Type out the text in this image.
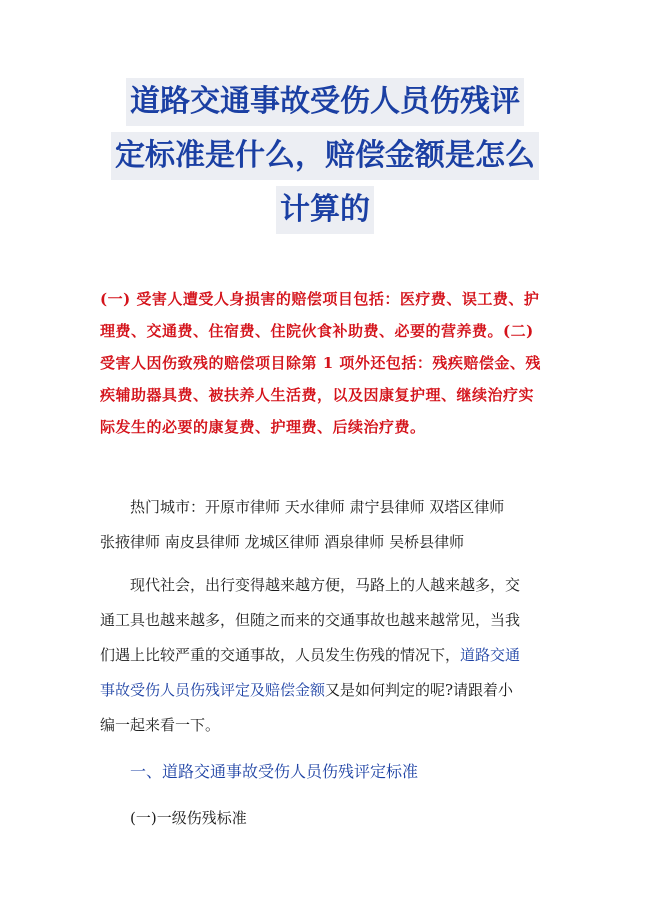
道路交通事故受伤人员伤残评
定标准是什么，赔偿金额是怎么
计算的
(一) 受害人遭受人身损害的赔偿项目包括：医疗费、误工费、护
理费、交通费、住宿费、住院伙食补助费、必要的营养费。(二)
受害人因伤致残的赔偿项目除第 1 项外还包括：残疾赔偿金、残
疾辅助器具费、被扶养人生活费，以及因康复护理、继续治疗实
际发生的必要的康复费、护理费、后续治疗费。
热门城市：开原市律师 天水律师 肃宁县律师 双塔区律师
张掖律师 南皮县律师 龙城区律师 酒泉律师 吴桥县律师
现代社会，出行变得越来越方便，马路上的人越来越多，交
通工具也越来越多，但随之而来的交通事故也越来越常见，当我
们遇上比较严重的交通事故，人员发生伤残的情况下，道路交通
事故受伤人员伤残评定及赔偿金额又是如何判定的呢?请跟着小
编一起来看一下。
一、道路交通事故受伤人员伤残评定标准
(一)一级伤残标准
